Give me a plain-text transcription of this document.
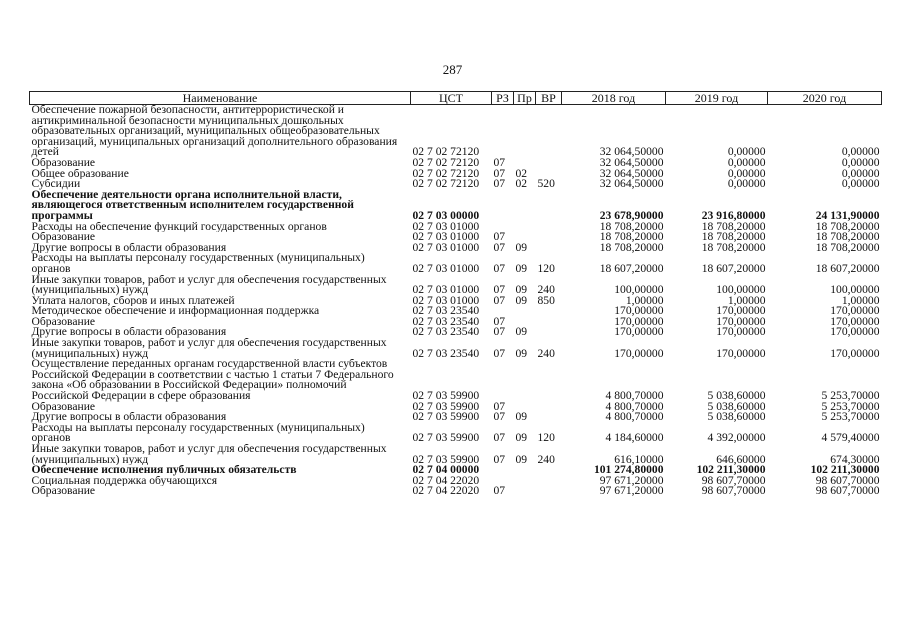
287
Наименование	ЦСТ	РЗ	Пр	ВР	2018 год	2019 год	2020 год
Обеспечение пожарной безопасности, антитеррористической и антикриминальной безопасности муниципальных дошкольных образовательных организаций, муниципальных общеобразовательных организаций, муниципальных организаций дополнительного образования детей	02 7 02 72120				32 064,50000	0,00000	0,00000
Образование	02 7 02 72120	07			32 064,50000	0,00000	0,00000
Общее образование	02 7 02 72120	07	02		32 064,50000	0,00000	0,00000
Субсидии	02 7 02 72120	07	02	520	32 064,50000	0,00000	0,00000
Обеспечение деятельности органа исполнительной власти, являющегося ответственным исполнителем государственной программы	02 7 03 00000				23 678,90000	23 916,80000	24 131,90000
Расходы на обеспечение функций государственных органов	02 7 03 01000				18 708,20000	18 708,20000	18 708,20000
Образование	02 7 03 01000	07			18 708,20000	18 708,20000	18 708,20000
Другие вопросы в области образования	02 7 03 01000	07	09		18 708,20000	18 708,20000	18 708,20000
Расходы на выплаты персоналу государственных (муниципальных) органов	02 7 03 01000	07	09	120	18 607,20000	18 607,20000	18 607,20000
Иные закупки товаров, работ и услуг для обеспечения государственных (муниципальных) нужд	02 7 03 01000	07	09	240	100,00000	100,00000	100,00000
Уплата налогов, сборов и иных платежей	02 7 03 01000	07	09	850	1,00000	1,00000	1,00000
Методическое обеспечение и информационная поддержка	02 7 03 23540				170,00000	170,00000	170,00000
Образование	02 7 03 23540	07			170,00000	170,00000	170,00000
Другие вопросы в области образования	02 7 03 23540	07	09		170,00000	170,00000	170,00000
Иные закупки товаров, работ и услуг для обеспечения государственных (муниципальных) нужд	02 7 03 23540	07	09	240	170,00000	170,00000	170,00000
Осуществление переданных органам государственной власти субъектов Российской Федерации в соответствии с частью 1 статьи 7 Федерального закона «Об образовании в Российской Федерации» полномочий Российской Федерации в сфере образования	02 7 03 59900				4 800,70000	5 038,60000	5 253,70000
Образование	02 7 03 59900	07			4 800,70000	5 038,60000	5 253,70000
Другие вопросы в области образования	02 7 03 59900	07	09		4 800,70000	5 038,60000	5 253,70000
Расходы на выплаты персоналу государственных (муниципальных) органов	02 7 03 59900	07	09	120	4 184,60000	4 392,00000	4 579,40000
Иные закупки товаров, работ и услуг для обеспечения государственных (муниципальных) нужд	02 7 03 59900	07	09	240	616,10000	646,60000	674,30000
Обеспечение исполнения публичных обязательств	02 7 04 00000				101 274,80000	102 211,30000	102 211,30000
Социальная поддержка обучающихся	02 7 04 22020				97 671,20000	98 607,70000	98 607,70000
Образование	02 7 04 22020	07			97 671,20000	98 607,70000	98 607,70000
